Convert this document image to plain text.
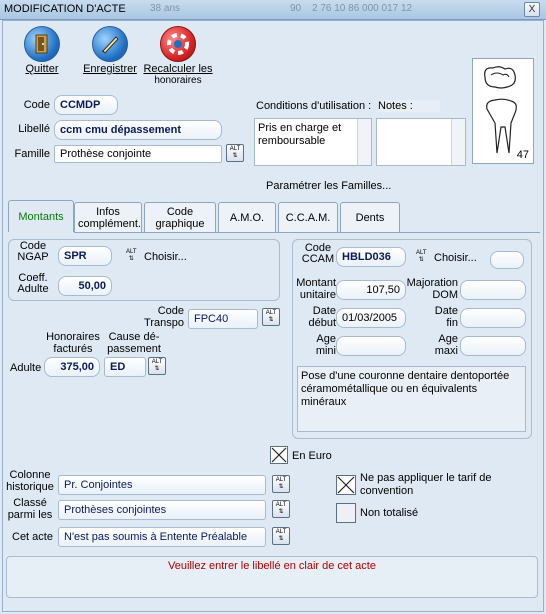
MODIFICATION D'ACTE 38 ans	90 2 76 10 86 000 017 12	X
Quitter	Enregistrer Recalculer les
honoraires
47
Code CCMDP
Libellé ccm cmu dépassement
Famille Prothèse conjointe	ALT
⇅
Conditions d'utilisation :
Pris en charge et remboursable
Notes :
Paramétrer les Familles...
Montants	Infos complément.
Code graphique	A.M.O. C.C.A.M. Dents
Code
NGAP	SPR	ALT
⇅ Choisir...
Coeff.
Adulte	50,00
Code
Transpo FPC40	ALT
⇅
Honoraires
facturés
Cause dé-
passement
Adulte	375,00	ED	ALT
⇅
Code
CCAM HBLD036	ALT
⇅ Choisir...
Montant
unitaire	107,50
Majoration
DOM
Date
début 01/03/2005
Date
fin
Age
mini
Age
maxi
Pose d'une couronne dentaire dentoportée céramométallique ou en équivalents minéraux
En Euro
Colonne
historique Pr. Conjointes	ALT
⇅
Classé
parmi les	Prothèses conjointes	ALT
⇅
Cet acte	N'est pas soumis à Entente Préalable	ALT
⇅
Ne pas appliquer le tarif de
convention
Non totalisé
Veuillez entrer le libellé en clair de cet acte
